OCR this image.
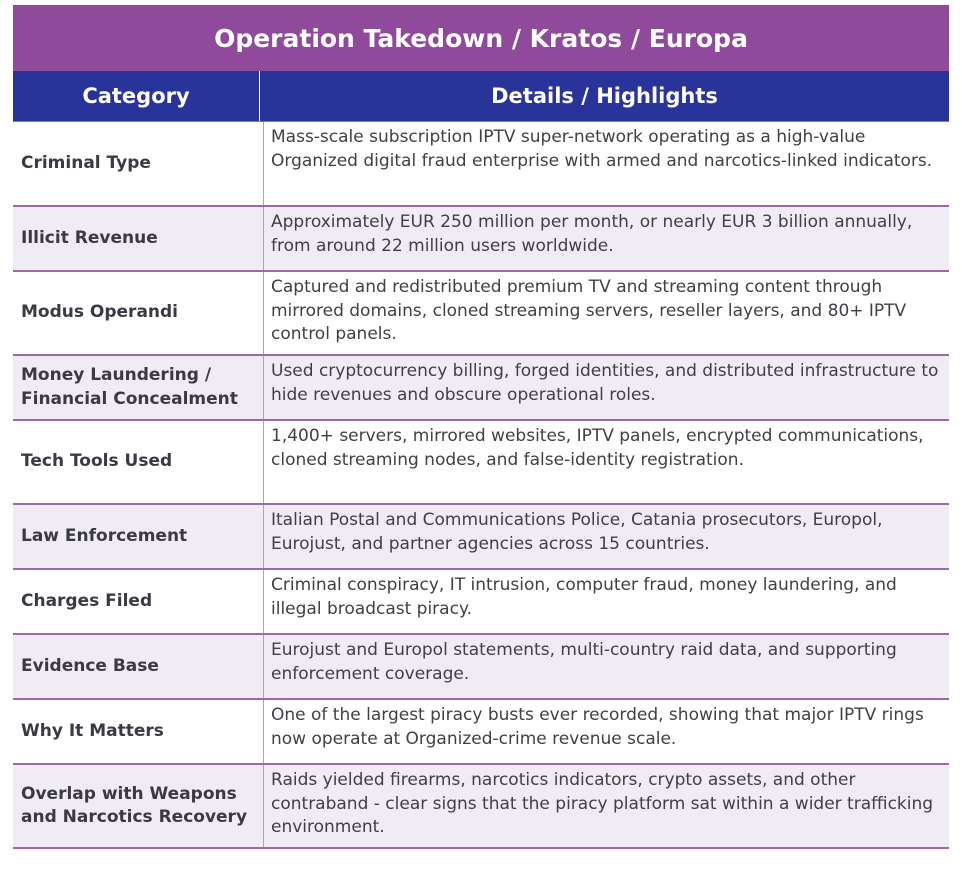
Operation Takedown / Kratos / Europa
Category	Details / Highlights
Criminal Type
Mass-scale subscription IPTV super-network operating as a high-value Organized digital fraud enterprise with armed and narcotics-linked indicators.
Illicit Revenue
Approximately EUR 250 million per month, or nearly EUR 3 billion annually, from around 22 million users worldwide.
Modus Operandi
Captured and redistributed premium TV and streaming content through mirrored domains, cloned streaming servers, reseller layers, and 80+ IPTV control panels.
Money Laundering / Financial Concealment
Used cryptocurrency billing, forged identities, and distributed infrastructure to hide revenues and obscure operational roles.
Tech Tools Used
1,400+ servers, mirrored websites, IPTV panels, encrypted communications, cloned streaming nodes, and false-identity registration.
Law Enforcement
Italian Postal and Communications Police, Catania prosecutors, Europol, Eurojust, and partner agencies across 15 countries.
Charges Filed
Criminal conspiracy, IT intrusion, computer fraud, money laundering, and illegal broadcast piracy.
Evidence Base
Eurojust and Europol statements, multi-country raid data, and supporting enforcement coverage.
Why It Matters
One of the largest piracy busts ever recorded, showing that major IPTV rings now operate at Organized-crime revenue scale.
Overlap with Weapons and Narcotics Recovery
Raids yielded firearms, narcotics indicators, crypto assets, and other contraband - clear signs that the piracy platform sat within a wider trafficking environment.
